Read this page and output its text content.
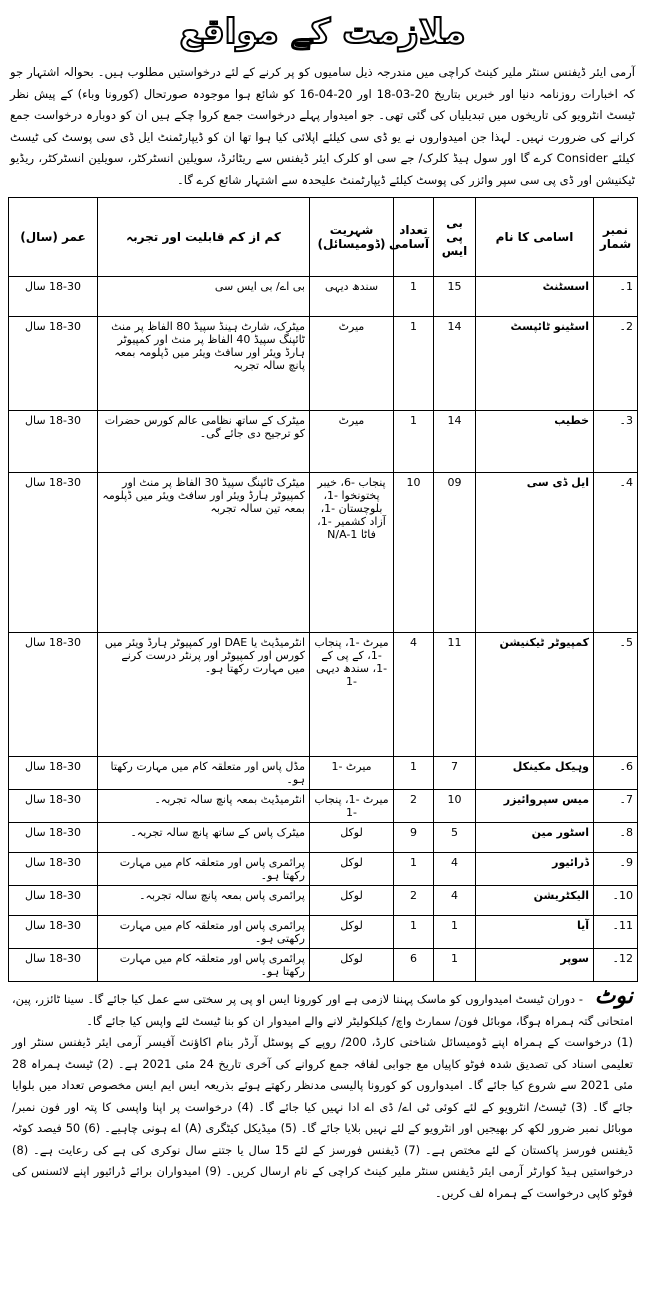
ملازمت کے مواقع
آرمی ایئر ڈیفنس سنٹر ملیر کینٹ کراچی میں مندرجہ ذیل سامیوں کو پر کرنے کے لئے درخواستیں مطلوب ہیں۔ بحوالہ اشتہار جو کہ اخبارات روزنامہ دنیا اور خبریں بتاریخ 20-03-18 اور 20-04-16 کو شائع ہوا موجودہ صورتحال (کورونا وباء) کے پیش نظر ٹیسٹ انٹرویو کی تاریخوں میں تبدیلیاں کی گئی تھی۔ جو امیدوار پہلے درخواست جمع کروا چکے ہیں ان کو دوبارہ درخواست جمع کرانے کی ضرورت نہیں۔ لہذا جن امیدواروں نے یو ڈی سی کیلئے اپلائی کیا ہوا تھا ان کو ڈیپارٹمنٹ ایل ڈی سی پوسٹ کی ٹیسٹ کیلئے Consider کرے گا اور سول ہیڈ کلرک/ جے سی او کلرک ایئر ڈیفنس سے ریٹائرڈ، سویلین انسٹرکٹر، سویلین انسٹرکٹر، ریڈیو ٹیکنیشن اور ڈی پی سی سپر وائزر کی پوسٹ کیلئے ڈیپارٹمنٹ علیحدہ سے اشتہار شائع کرے گا۔
نمبر شمار	اسامی کا نام	بی پی ایس	تعداد آسامی	شہریت (ڈومیسائل)	کم از کم قابلیت اور تجربہ	عمر (سال)
1۔	اسسٹنٹ	15	1	سندھ دیہی	بی اے/ بی ایس سی	18-30 سال
2۔	اسٹینو ٹائپسٹ	14	1	میرٹ	میٹرک، شارٹ ہینڈ سپیڈ 80 الفاظ پر منٹ ٹائپنگ سپیڈ 40 الفاظ پر منٹ اور کمپیوٹر ہارڈ ویئر اور سافٹ ویئر میں ڈپلومہ بمعہ پانچ سالہ تجربہ	18-30 سال
3۔	خطیب	14	1	میرٹ	میٹرک کے ساتھ نظامی عالم کورس حضرات کو ترجیح دی جائے گی۔	18-30 سال
4۔	ایل ڈی سی	09	10	پنجاب -6، خیبر پختونخوا -1، بلوچستان -1، آزاد کشمیر -1، فاٹا N/A-1	میٹرک ٹائپنگ سپیڈ 30 الفاظ پر منٹ اور کمپیوٹر ہارڈ ویئر اور سافٹ ویئر میں ڈپلومہ بمعہ تین سالہ تجربہ	18-30 سال
5۔	کمپیوٹر ٹیکنیشن	11	4	میرٹ -1، پنجاب -1، کے پی کے -1، سندھ دیہی -1	انٹرمیڈیٹ یا DAE اور کمپیوٹر ہارڈ ویئر میں کورس اور کمپیوٹر اور پرنٹر درست کرنے میں مہارت رکھتا ہو۔	18-30 سال
6۔	وہیکل مکینکل	7	1	میرٹ -1	مڈل پاس اور متعلقہ کام میں مہارت رکھتا ہو۔	18-30 سال
7۔	میس سپروائیزر	10	2	میرٹ -1، پنجاب -1	انٹرمیڈیٹ بمعہ پانچ سالہ تجربہ۔	18-30 سال
8۔	اسٹور مین	5	9	لوکل	میٹرک پاس کے ساتھ پانچ سالہ تجربہ۔	18-30 سال
9۔	ڈرائیور	4	1	لوکل	پرائمری پاس اور متعلقہ کام میں مہارت رکھتا ہو۔	18-30 سال
10۔	الیکٹریشن	4	2	لوکل	پرائمری پاس بمعہ پانچ سالہ تجربہ۔	18-30 سال
11۔	آیا	1	1	لوکل	پرائمری پاس اور متعلقہ کام میں مہارت رکھتی ہو۔	18-30 سال
12۔	سوپر	1	6	لوکل	پرائمری پاس اور متعلقہ کام میں مہارت رکھتا ہو۔	18-30 سال
نوٹ - دوران ٹیسٹ امیدواروں کو ماسک پہننا لازمی ہے اور کورونا ایس او پی پر سختی سے عمل کیا جائے گا۔ سینا ٹائزر، پین، امتحانی گتہ ہمراہ ہوگا، موبائل فون/ سمارٹ واچ/ کیلکولیٹر لانے والے امیدوار ان کو بنا ٹیسٹ لئے واپس کیا جائے گا۔
(1) درخواست کے ہمراہ اپنے ڈومیسائل شناختی کارڈ، 200/ روپے کے پوسٹل آرڈر بنام اکاؤنٹ آفیسر آرمی ایئر ڈیفنس سنٹر اور تعلیمی اسناد کی تصدیق شدہ فوٹو کاپیاں مع جوابی لفافہ جمع کروانے کی آخری تاریخ 24 مئی 2021 ہے۔ (2) ٹیسٹ ہمراہ 28 مئی 2021 سے شروع کیا جائے گا۔ امیدواروں کو کورونا پالیسی مدنظر رکھتے ہوئے بذریعہ ایس ایم ایس مخصوص تعداد میں بلوایا جائے گا۔ (3) ٹیسٹ/ انٹرویو کے لئے کوئی ٹی اے/ ڈی اے ادا نہیں کیا جائے گا۔ (4) درخواست پر اپنا واپسی کا پتہ اور فون نمبر/ موبائل نمبر ضرور لکھ کر بھیجیں اور انٹرویو کے لئے نہیں بلایا جائے گا۔ (5) میڈیکل کیٹگری (A) اے ہونی چاہیے۔ (6) 50 فیصد کوٹہ ڈیفنس فورسز پاکستان کے لئے مختص ہے۔ (7) ڈیفنس فورسز کے لئے 15 سال یا جتنے سال نوکری کی ہے کی رعایت ہے۔ (8) درخواستیں ہیڈ کوارٹر آرمی ایئر ڈیفنس سنٹر ملیر کینٹ کراچی کے نام ارسال کریں۔ (9) امیدواران برائے ڈرائیور اپنے لائسنس کی فوٹو کاپی درخواست کے ہمراہ لف کریں۔
